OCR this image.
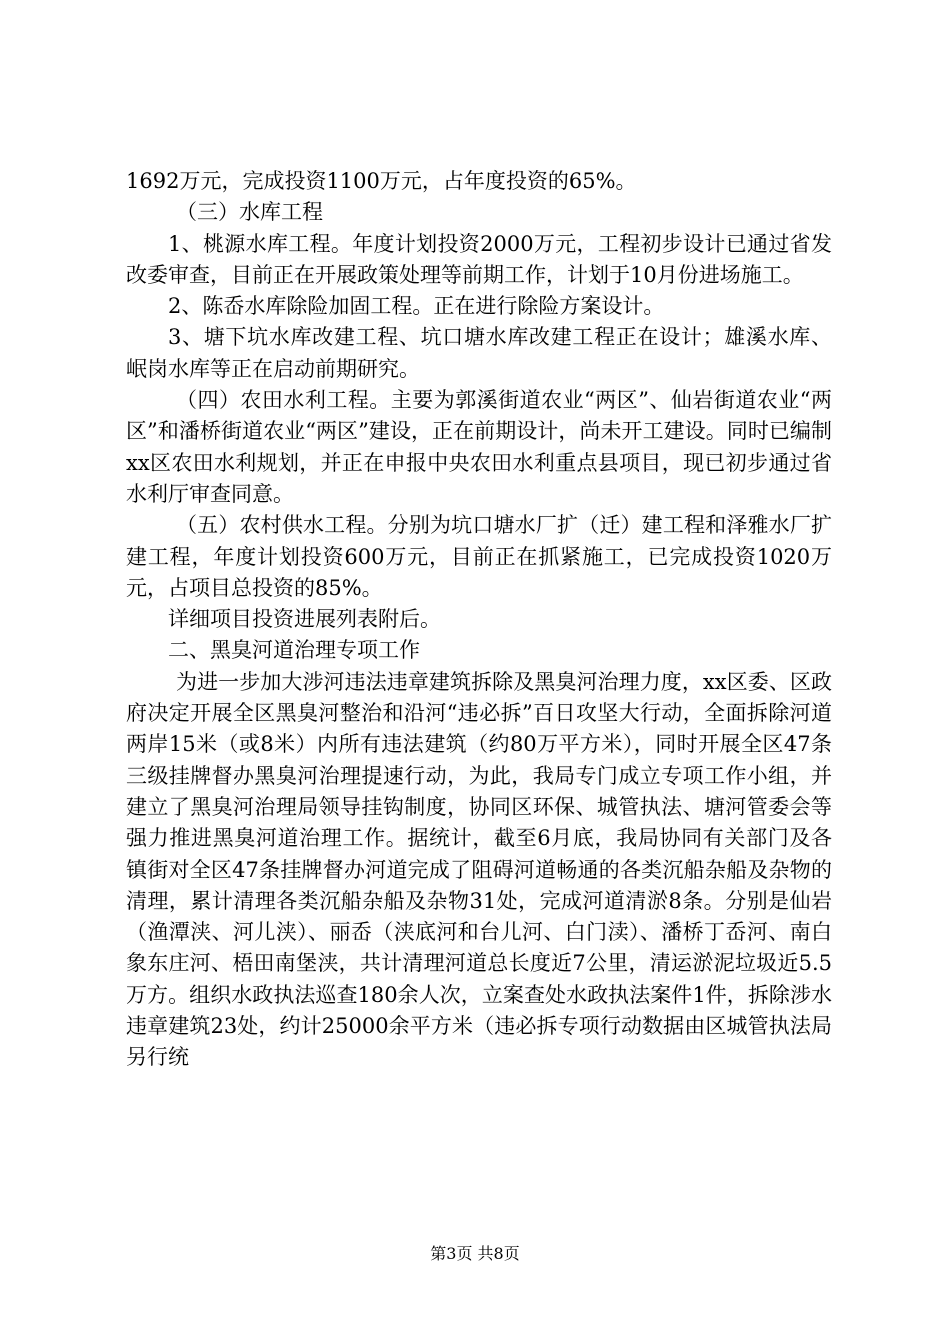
1692万元，完成投资1100万元，占年度投资的65%。

（三）水库工程

1、桃源水库工程。年度计划投资2000万元，工程初步设计已通过省发改委审查，目前正在开展政策处理等前期工作，计划于10月份进场施工。

2、陈岙水库除险加固工程。正在进行除险方案设计。

3、塘下坑水库改建工程、坑口塘水库改建工程正在设计；雄溪水库、岷岗水库等正在启动前期研究。

（四）农田水利工程。主要为郭溪街道农业“两区”、仙岩街道农业“两区”和潘桥街道农业“两区”建设，正在前期设计，尚未开工建设。同时已编制xx区农田水利规划，并正在申报中央农田水利重点县项目，现已初步通过省水利厅审查同意。

（五）农村供水工程。分别为坑口塘水厂扩（迁）建工程和泽雅水厂扩建工程，年度计划投资600万元，目前正在抓紧施工，已完成投资1020万元，占项目总投资的85%。

详细项目投资进展列表附后。

二、黑臭河道治理专项工作

为进一步加大涉河违法违章建筑拆除及黑臭河治理力度，xx区委、区政府决定开展全区黑臭河整治和沿河“违必拆”百日攻坚大行动，全面拆除河道两岸15米（或8米）内所有违法建筑（约80万平方米），同时开展全区47条三级挂牌督办黑臭河治理提速行动，为此，我局专门成立专项工作小组，并建立了黑臭河治理局领导挂钩制度，协同区环保、城管执法、塘河管委会等强力推进黑臭河道治理工作。据统计，截至6月底，我局协同有关部门及各镇街对全区47条挂牌督办河道完成了阻碍河道畅通的各类沉船杂船及杂物的清理，累计清理各类沉船杂船及杂物31处，完成河道清淤8条。分别是仙岩（渔潭浃、河儿浃）、丽岙（浃底河和台儿河、白门渎）、潘桥丁岙河、南白象东庄河、梧田南堡浃，共计清理河道总长度近7公里，清运淤泥垃圾近5.5万方。组织水政执法巡查180余人次，立案查处水政执法案件1件，拆除涉水违章建筑23处，约计25000余平方米（违必拆专项行动数据由区城管执法局另行统

第3页 共8页
